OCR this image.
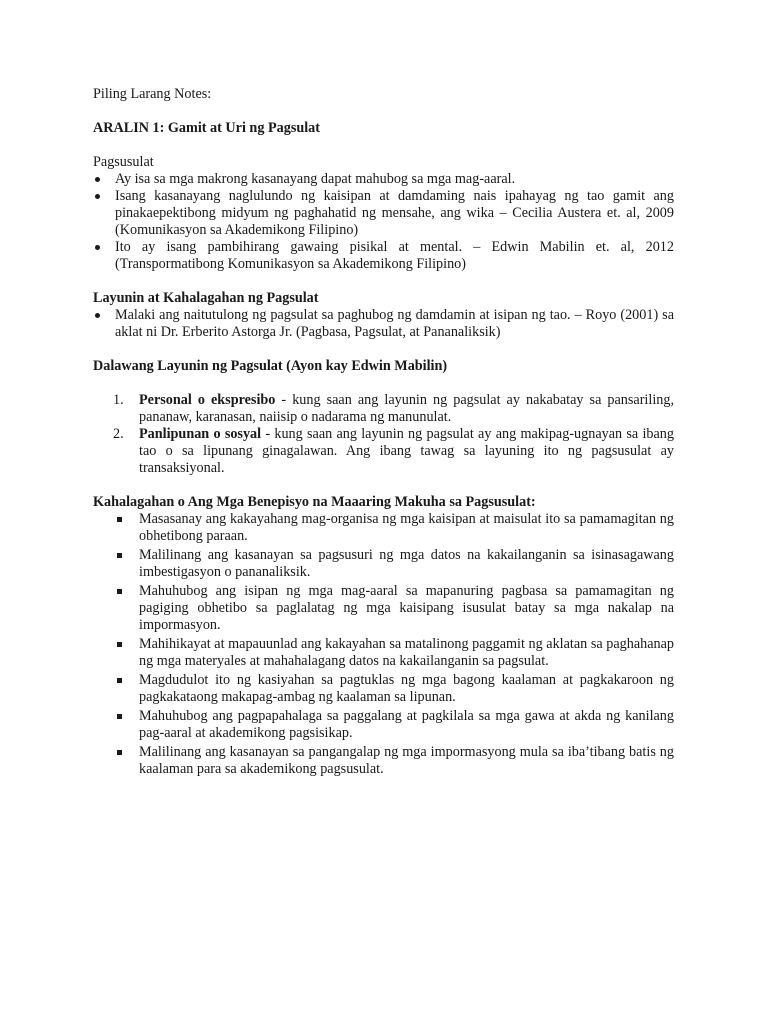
Piling Larang Notes:

ARALIN 1: Gamit at Uri ng Pagsulat

Pagsusulat

Ay isa sa mga makrong kasanayang dapat mahubog sa mga mag-aaral.
Isang kasanayang naglulundo ng kaisipan at damdaming nais ipahayag ng tao gamit ang pinakaepektibong midyum ng paghahatid ng mensahe, ang wika – Cecilia Austera et. al, 2009 (Komunikasyon sa Akademikong Filipino)
Ito ay isang pambihirang gawaing pisikal at mental. – Edwin Mabilin et. al, 2012 (Transpormatibong Komunikasyon sa Akademikong Filipino)

Layunin at Kahalagahan ng Pagsulat

Malaki ang naitutulong ng pagsulat sa paghubog ng damdamin at isipan ng tao. – Royo (2001) sa aklat ni Dr. Erberito Astorga Jr. (Pagbasa, Pagsulat, at Pananaliksik)

Dalawang Layunin ng Pagsulat (Ayon kay Edwin Mabilin)

1.	Personal o ekspresibo - kung saan ang layunin ng pagsulat ay nakabatay sa pansariling, pananaw, karanasan, naiisip o nadarama ng manunulat.
2.	Panlipunan o sosyal - kung saan ang layunin ng pagsulat ay ang makipag-ugnayan sa ibang tao o sa lipunang ginagalawan. Ang ibang tawag sa layuning ito ng pagsusulat ay transaksiyonal.

Kahalagahan o Ang Mga Benepisyo na Maaaring Makuha sa Pagsusulat:

Masasanay ang kakayahang mag-organisa ng mga kaisipan at maisulat ito sa pamamagitan ng obhetibong paraan.
Malilinang ang kasanayan sa pagsusuri ng mga datos na kakailanganin sa isinasagawang imbestigasyon o pananaliksik.
Mahuhubog ang isipan ng mga mag-aaral sa mapanuring pagbasa sa pamamagitan ng pagiging obhetibo sa paglalatag ng mga kaisipang isusulat batay sa mga nakalap na impormasyon.
Mahihikayat at mapauunlad ang kakayahan sa matalinong paggamit ng aklatan sa paghahanap ng mga materyales at mahahalagang datos na kakailanganin sa pagsulat.
Magdudulot ito ng kasiyahan sa pagtuklas ng mga bagong kaalaman at pagkakaroon ng pagkakataong makapag-ambag ng kaalaman sa lipunan.
Mahuhubog ang pagpapahalaga sa paggalang at pagkilala sa mga gawa at akda ng kanilang pag-aaral at akademikong pagsisikap.
Malilinang ang kasanayan sa pangangalap ng mga impormasyong mula sa iba’tibang batis ng kaalaman para sa akademikong pagsusulat.
